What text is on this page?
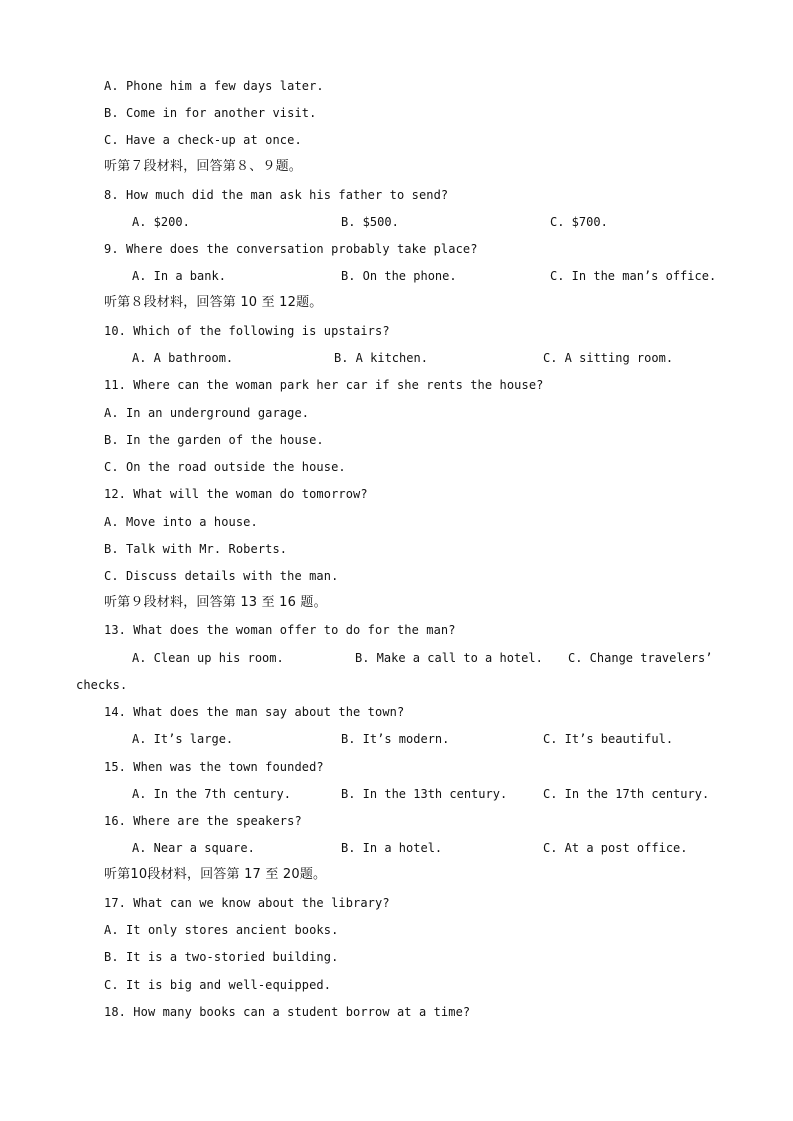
A. Phone him a few days later.
B. Come in for another visit.
C. Have a check-up at once.
听第７段材料，回答第８、９题。
8. How much did the man ask his father to send?
A. $200.	B. $500.	C. $700.
9. Where does the conversation probably take place?
A. In a bank.	B. On the phone.	C. In the man’s office.
听第８段材料，回答第 10 至 12题。
10. Which of the following is upstairs?
A. A bathroom.	B. A kitchen.	C. A sitting room.
11. Where can the woman park her car if she rents the house?
A. In an underground garage.
B. In the garden of the house.
C. On the road outside the house.
12. What will the woman do tomorrow?
A. Move into a house.
B. Talk with Mr. Roberts.
C. Discuss details with the man.
听第９段材料，回答第 13 至 16 题。
13. What does the woman offer to do for the man?
A. Clean up his room.	B. Make a call to a hotel. C. Change travelers’
checks.
14. What does the man say about the town?
A. It’s large.	B. It’s modern.	C. It’s beautiful.
15. When was the town founded?
A. In the 7th century.	B. In the 13th century.	C. In the 17th century.
16. Where are the speakers?
A. Near a square.	B. In a hotel.	C. At a post office.
听第10段材料，回答第 17 至 20题。
17. What can we know about the library?
A. It only stores ancient books.
B. It is a two-storied building.
C. It is big and well-equipped.
18. How many books can a student borrow at a time?
